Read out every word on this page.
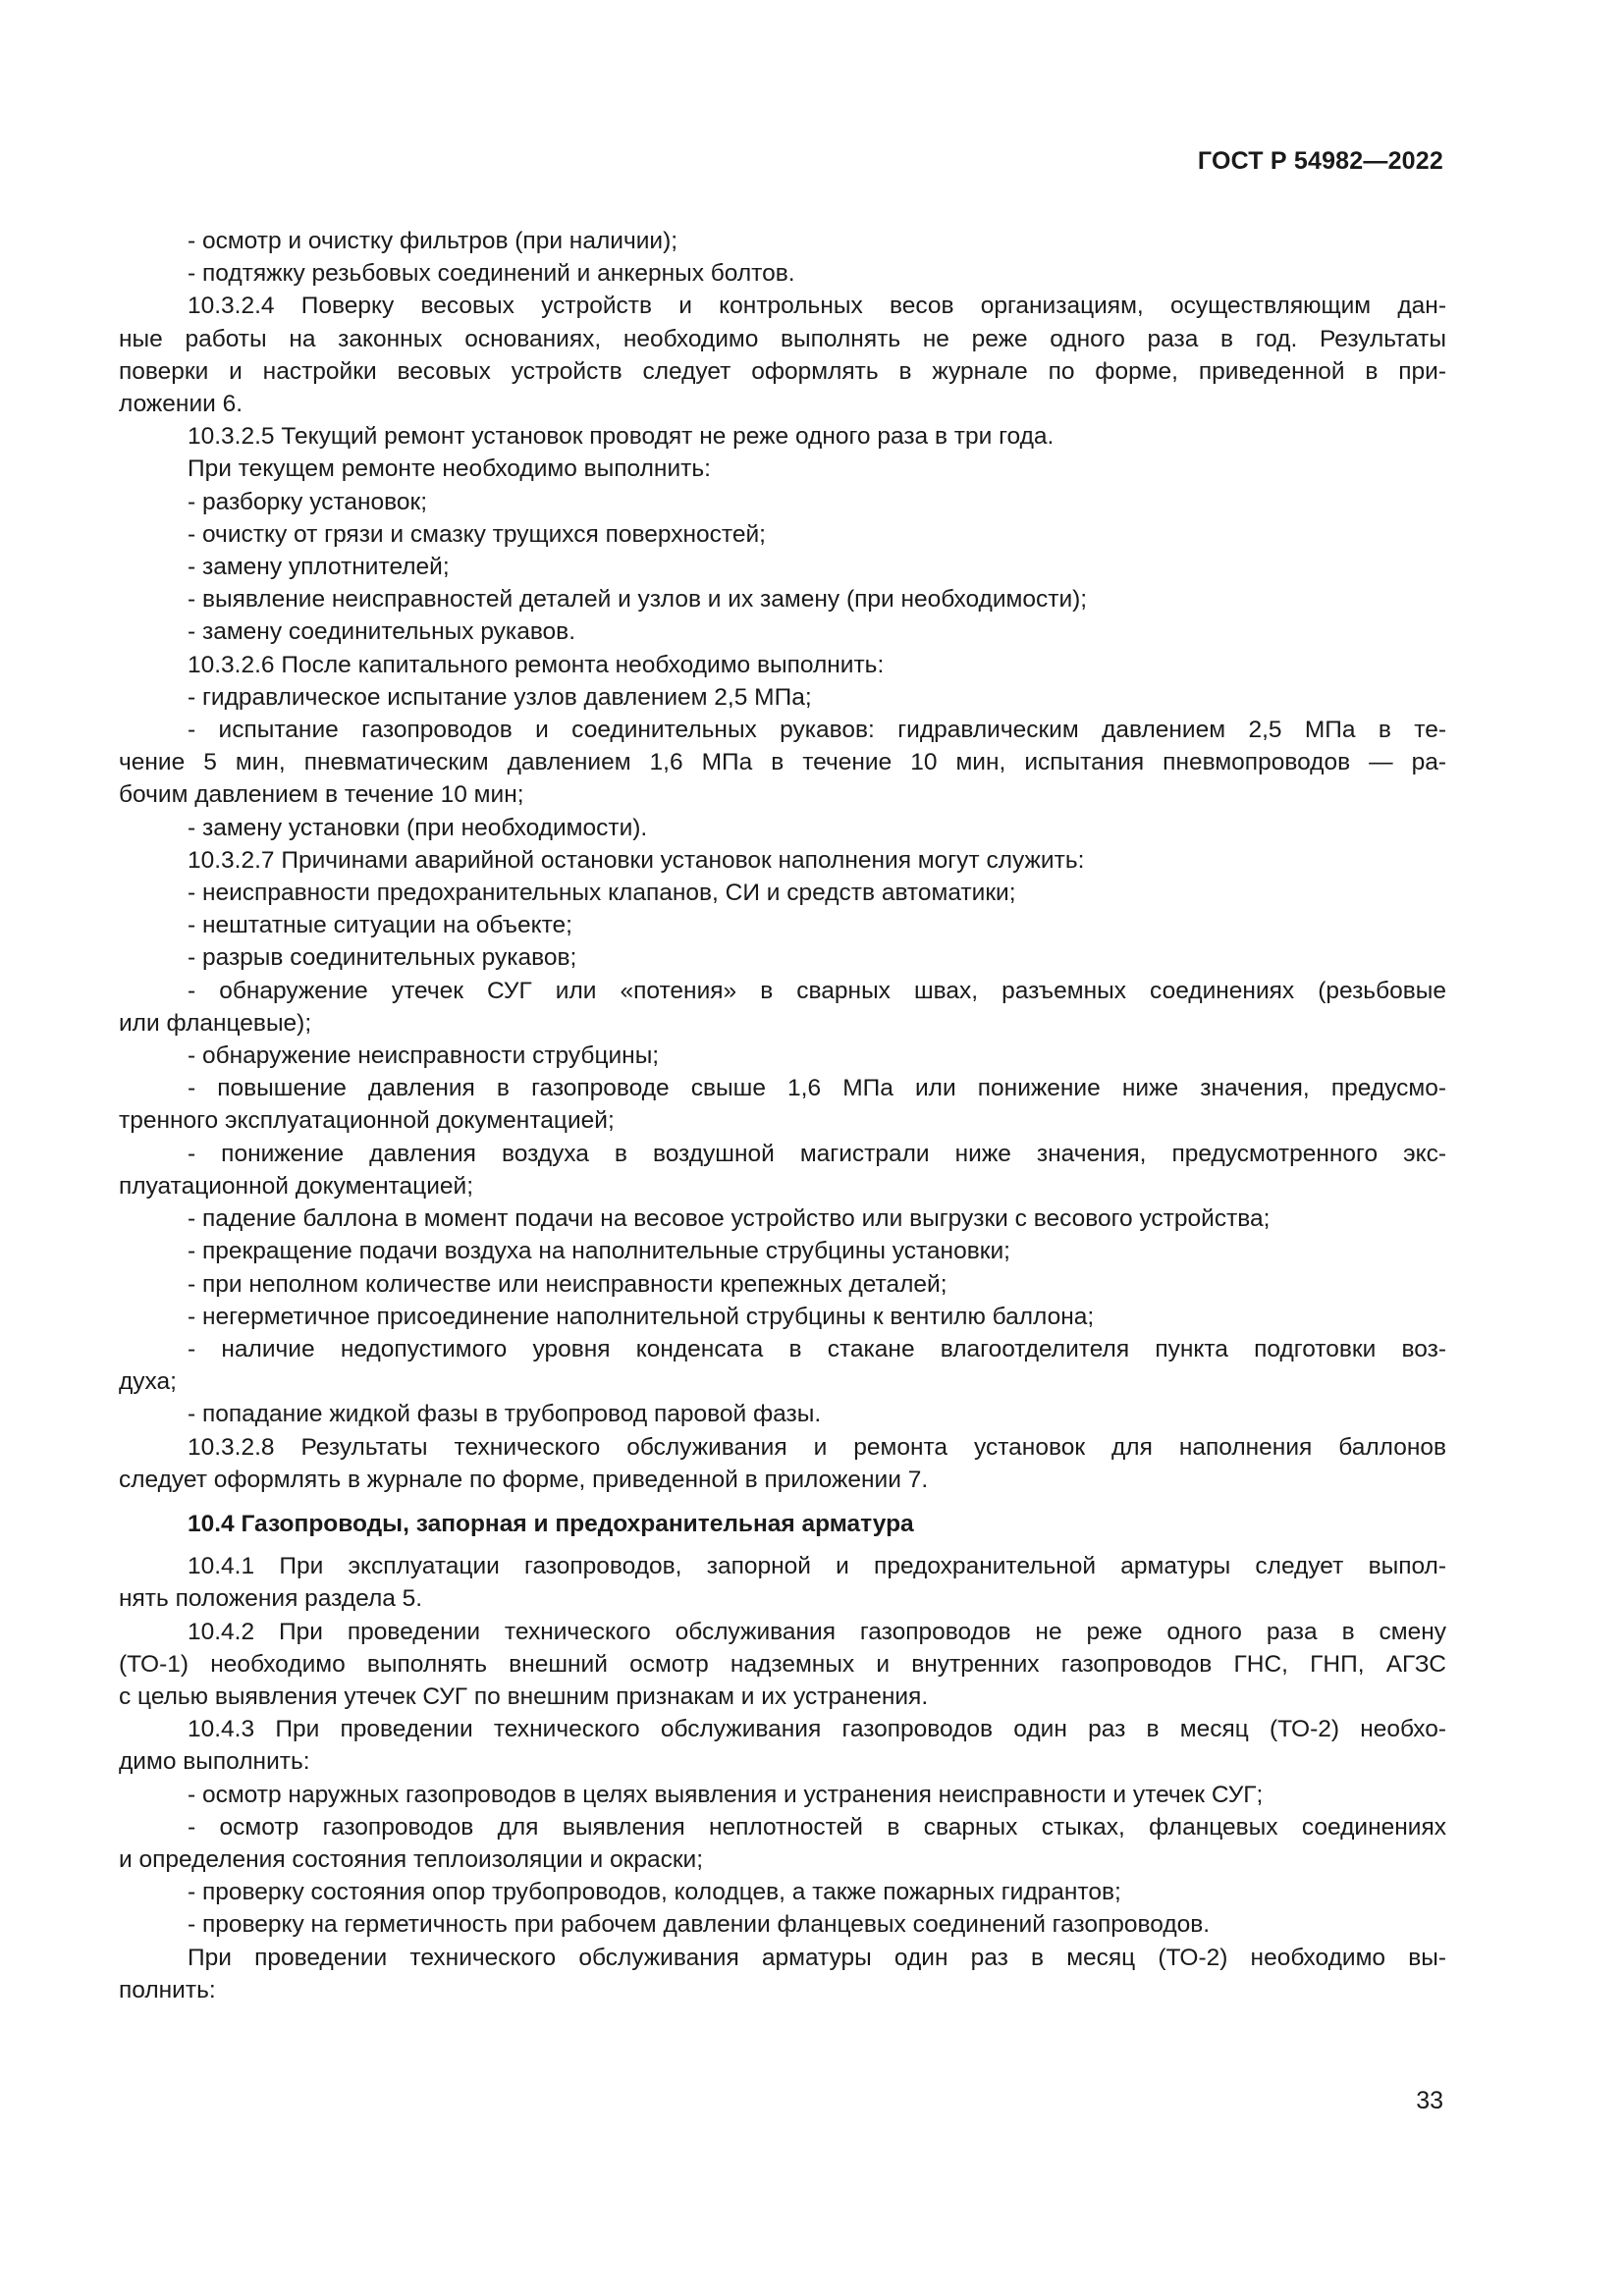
ГОСТ Р 54982—2022
- осмотр и очистку фильтров (при наличии);
- подтяжку резьбовых соединений и анкерных болтов.
10.3.2.4 Поверку весовых устройств и контрольных весов организациям, осуществляющим дан-
ные работы на законных основаниях, необходимо выполнять не реже одного раза в год. Результаты
поверки и настройки весовых устройств следует оформлять в журнале по форме, приведенной в при-
ложении 6.
10.3.2.5 Текущий ремонт установок проводят не реже одного раза в три года.
При текущем ремонте необходимо выполнить:
- разборку установок;
- очистку от грязи и смазку трущихся поверхностей;
- замену уплотнителей;
- выявление неисправностей деталей и узлов и их замену (при необходимости);
- замену соединительных рукавов.
10.3.2.6 После капитального ремонта необходимо выполнить:
- гидравлическое испытание узлов давлением 2,5 МПа;
- испытание газопроводов и соединительных рукавов: гидравлическим давлением 2,5 МПа в те-
чение 5 мин, пневматическим давлением 1,6 МПа в течение 10 мин, испытания пневмопроводов — ра-
бочим давлением в течение 10 мин;
- замену установки (при необходимости).
10.3.2.7 Причинами аварийной остановки установок наполнения могут служить:
- неисправности предохранительных клапанов, СИ и средств автоматики;
- нештатные ситуации на объекте;
- разрыв соединительных рукавов;
- обнаружение утечек СУГ или «потения» в сварных швах, разъемных соединениях (резьбовые
или фланцевые);
- обнаружение неисправности струбцины;
- повышение давления в газопроводе свыше 1,6 МПа или понижение ниже значения, предусмо-
тренного эксплуатационной документацией;
- понижение давления воздуха в воздушной магистрали ниже значения, предусмотренного экс-
плуатационной документацией;
- падение баллона в момент подачи на весовое устройство или выгрузки с весового устройства;
- прекращение подачи воздуха на наполнительные струбцины установки;
- при неполном количестве или неисправности крепежных деталей;
- негерметичное присоединение наполнительной струбцины к вентилю баллона;
- наличие недопустимого уровня конденсата в стакане влагоотделителя пункта подготовки воз-
духа;
- попадание жидкой фазы в трубопровод паровой фазы.
10.3.2.8 Результаты технического обслуживания и ремонта установок для наполнения баллонов
следует оформлять в журнале по форме, приведенной в приложении 7.
10.4 Газопроводы, запорная и предохранительная арматура
10.4.1 При эксплуатации газопроводов, запорной и предохранительной арматуры следует выпол-
нять положения раздела 5.
10.4.2 При проведении технического обслуживания газопроводов не реже одного раза в смену
(ТО-1) необходимо выполнять внешний осмотр надземных и внутренних газопроводов ГНС, ГНП, АГЗС
с целью выявления утечек СУГ по внешним признакам и их устранения.
10.4.3 При проведении технического обслуживания газопроводов один раз в месяц (ТО-2) необхо-
димо выполнить:
- осмотр наружных газопроводов в целях выявления и устранения неисправности и утечек СУГ;
- осмотр газопроводов для выявления неплотностей в сварных стыках, фланцевых соединениях
и определения состояния теплоизоляции и окраски;
- проверку состояния опор трубопроводов, колодцев, а также пожарных гидрантов;
- проверку на герметичность при рабочем давлении фланцевых соединений газопроводов.
При проведении технического обслуживания арматуры один раз в месяц (ТО-2) необходимо вы-
полнить:
33
